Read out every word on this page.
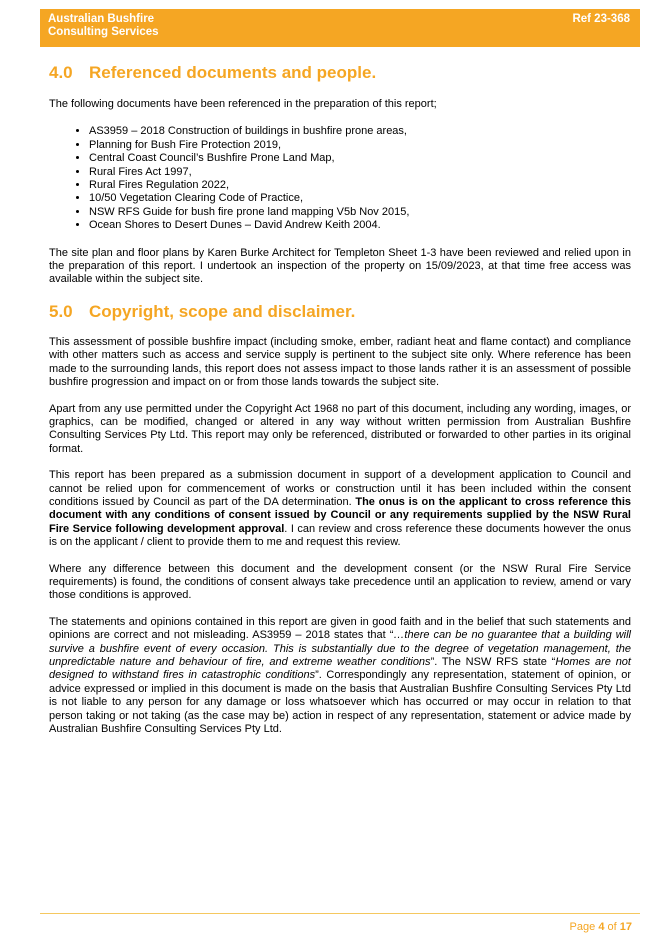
Australian Bushfire
Consulting Services
Ref 23-368
4.0 Referenced documents and people.

The following documents have been referenced in the preparation of this report;

• AS3959 – 2018 Construction of buildings in bushfire prone areas,
• Planning for Bush Fire Protection 2019,
• Central Coast Council’s Bushfire Prone Land Map,
• Rural Fires Act 1997,
• Rural Fires Regulation 2022,
• 10/50 Vegetation Clearing Code of Practice,
• NSW RFS Guide for bush fire prone land mapping V5b Nov 2015,
• Ocean Shores to Desert Dunes – David Andrew Keith 2004.

The site plan and floor plans by Karen Burke Architect for Templeton Sheet 1-3 have been reviewed and relied upon in the preparation of this report. I undertook an inspection of the property on 15/09/2023, at that time free access was available within the subject site.

5.0 Copyright, scope and disclaimer.

This assessment of possible bushfire impact (including smoke, ember, radiant heat and flame contact) and compliance with other matters such as access and service supply is pertinent to the subject site only. Where reference has been made to the surrounding lands, this report does not assess impact to those lands rather it is an assessment of possible bushfire progression and impact on or from those lands towards the subject site.

Apart from any use permitted under the Copyright Act 1968 no part of this document, including any wording, images, or graphics, can be modified, changed or altered in any way without written permission from Australian Bushfire Consulting Services Pty Ltd. This report may only be referenced, distributed or forwarded to other parties in its original format.

This report has been prepared as a submission document in support of a development application to Council and cannot be relied upon for commencement of works or construction until it has been included within the consent conditions issued by Council as part of the DA determination. The onus is on the applicant to cross reference this document with any conditions of consent issued by Council or any requirements supplied by the NSW Rural Fire Service following development approval. I can review and cross reference these documents however the onus is on the applicant / client to provide them to me and request this review.

Where any difference between this document and the development consent (or the NSW Rural Fire Service requirements) is found, the conditions of consent always take precedence until an application to review, amend or vary those conditions is approved.

The statements and opinions contained in this report are given in good faith and in the belief that such statements and opinions are correct and not misleading. AS3959 – 2018 states that “…there can be no guarantee that a building will survive a bushfire event of every occasion. This is substantially due to the degree of vegetation management, the unpredictable nature and behaviour of fire, and extreme weather conditions”. The NSW RFS state “Homes are not designed to withstand fires in catastrophic conditions”. Correspondingly any representation, statement of opinion, or advice expressed or implied in this document is made on the basis that Australian Bushfire Consulting Services Pty Ltd is not liable to any person for any damage or loss whatsoever which has occurred or may occur in relation to that person taking or not taking (as the case may be) action in respect of any representation, statement or advice made by Australian Bushfire Consulting Services Pty Ltd.

Page 4 of 17
